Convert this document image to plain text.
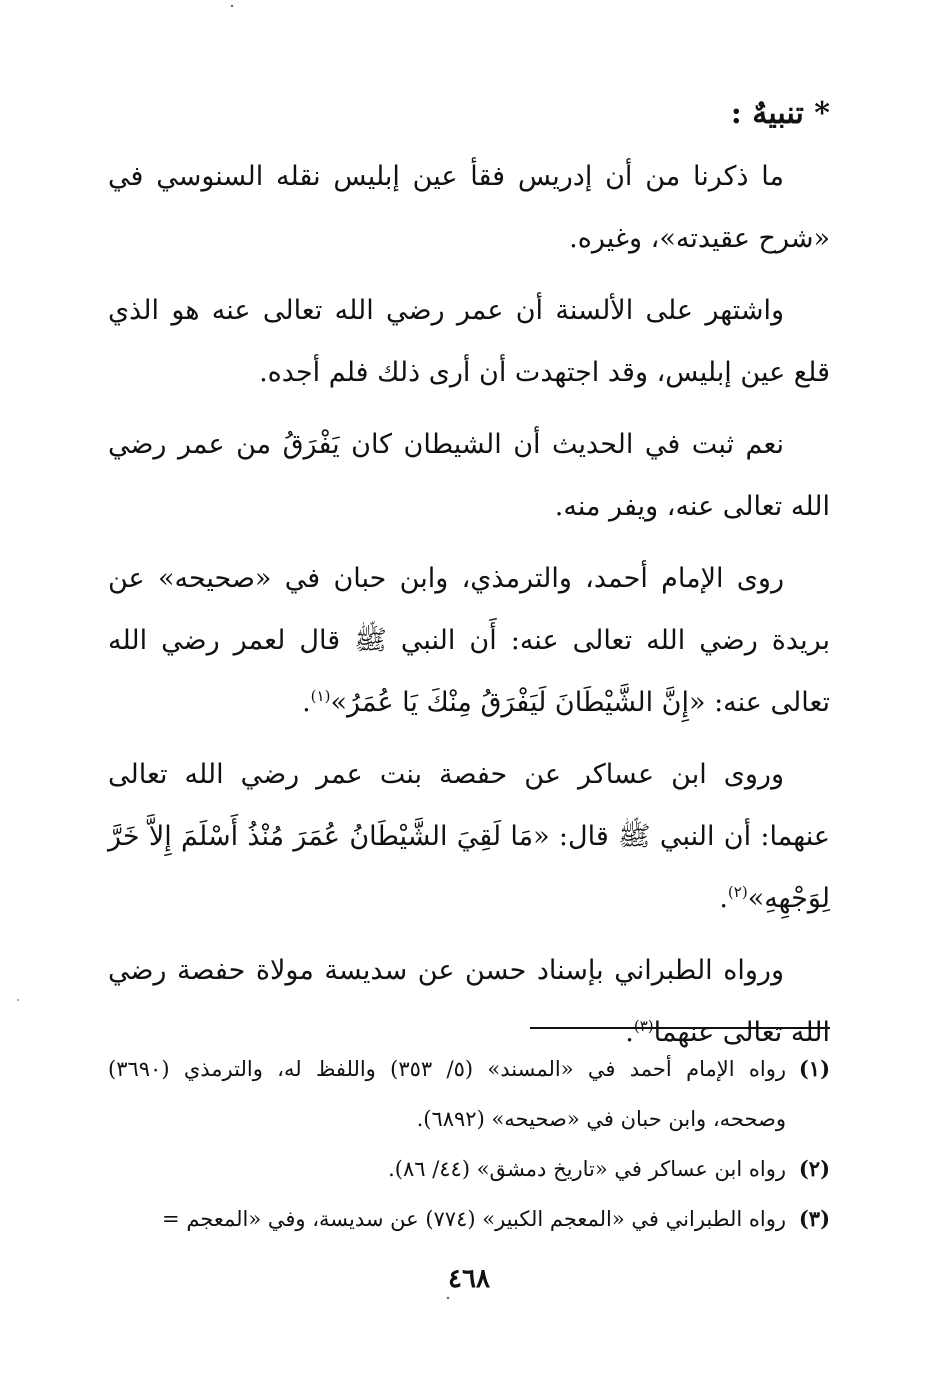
* تنبيهٌ :

ما ذكرنا من أن إدريس فقأ عين إبليس نقله السنوسي في «شرح عقيدته»، وغيره.

واشتهر على الألسنة أن عمر رضي الله تعالى عنه هو الذي قلع عين إبليس، وقد اجتهدت أن أرى ذلك فلم أجده.

نعم ثبت في الحديث أن الشيطان كان يَفْرَقُ من عمر رضي الله تعالى عنه، ويفر منه.

روى الإمام أحمد، والترمذي، وابن حبان في «صحيحه» عن بريدة رضي الله تعالى عنه: أَن النبي ﷺ قال لعمر رضي الله تعالى عنه: «إِنَّ الشَّيْطَانَ لَيَفْرَقُ مِنْكَ يَا عُمَرُ»$^{(١)}$.

وروى ابن عساكر عن حفصة بنت عمر رضي الله تعالى عنهما: أن النبي ﷺ قال: «مَا لَقِيَ الشَّيْطَانُ عُمَرَ مُنْذُ أَسْلَمَ إِلاَّ خَرَّ لِوَجْهِهِ»$^{(٢)}$.

ورواه الطبراني بإسناد حسن عن سديسة مولاة حفصة رضي الله تعالى عنهما$^{(٣)}$.

(١)
رواه الإمام أحمد في «المسند» (٥/ ٣٥٣) واللفظ له، والترمذي (٣٦٩٠) وصححه، وابن حبان في «صحيحه» (٦٨٩٢).
(٢)
رواه ابن عساكر في «تاريخ دمشق» (٤٤/ ٨٦).
(٣)
رواه الطبراني في «المعجم الكبير» (٧٧٤) عن سديسة، وفي «المعجم =
٤٦٨
